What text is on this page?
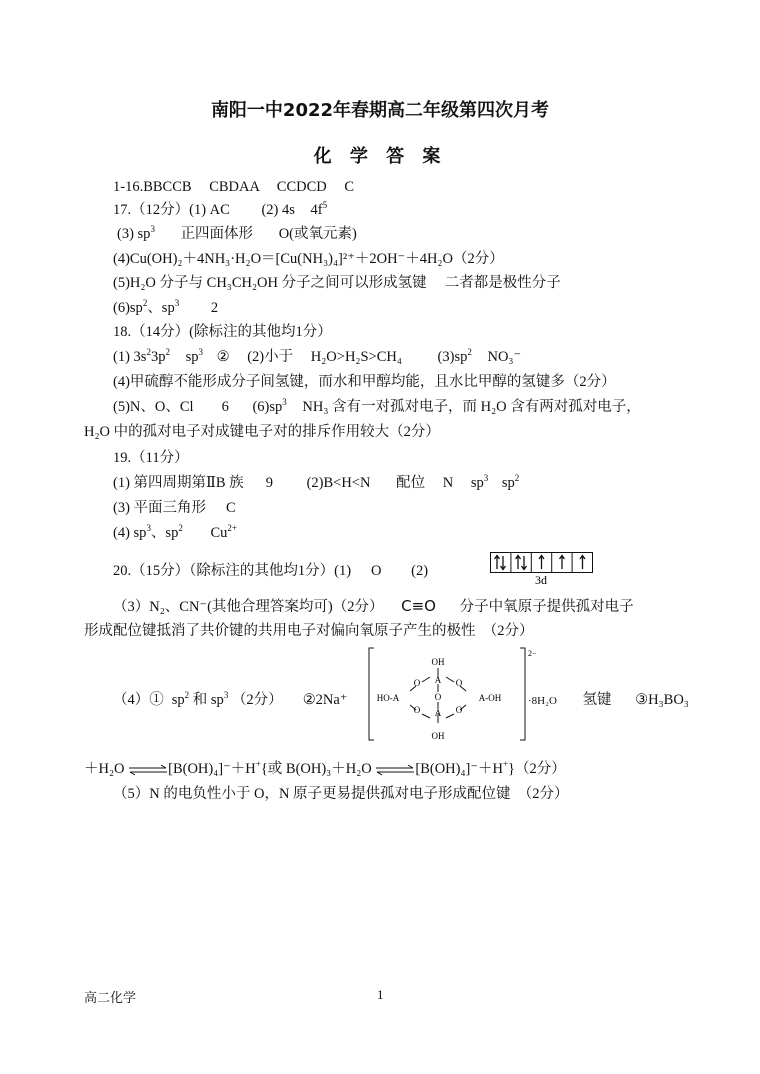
南阳一中2022年春期高二年级第四次月考
化 学 答 案
1-16.BBCCB CBDAA CCDCD C
17.（12分）(1) AC (2) 4s $4f^5$
(3) $sp^3$ 正四面体形 O(或氧元素)
(4)Cu(OH)₂＋4NH₃·H₂O＝[Cu(NH₃)₄]²⁺＋2OH⁻＋4H₂O（2分）
(5)H₂O 分子与 CH₃CH₂OH 分子之间可以形成氢键　 二者都是极性分子
$(6)sp^2$、$sp^3$ 2
18.（14分）(除标注的其他均1分）
(1) $3s^23p^2$ $sp^3$ ② (2)小于 H₂O>H₂S>CH₄ $(3)sp^2$ NO₃⁻
(4)甲硫醇不能形成分子间氢键，而水和甲醇均能，且水比甲醇的氢键多（2分）
(5)N、O、Cl 6 $(6)sp^3$ NH₃ 含有一对孤对电子，而 H₂O 含有两对孤对电子，
H₂O 中的孤对电子对成键电子对的排斥作用较大（2分）
19.（11分）
(1) 第四周期第ⅡB 族 9 (2)B<H<N 配位 N $sp^3$ $sp^2$
(3) 平面三角形 C
(4) $sp^3$、$sp^2$ $Cu^{2+}$
20.（15分）（除标注的其他均1分）(1) O (2)
3d
（3）N₂、CN⁻(其他合理答案均可)（2分） C≡O 分子中氧原子提供孤对电子
形成配位键抵消了共价键的共用电子对偏向氧原子产生的极性　（2分）
（4）① $sp^2$ 和 $sp^3$ （2分） ②2Na⁺
OH
A
O	O
O
HO-A	A-OH
O	O
A
OH
2−
·8H₂O 氢键 ③H₃BO₃
＋H₂O ⇌[B(OH)₄]⁻＋H+{或 B(OH)₃＋H₂O ⇌[B(OH)₄]⁻＋H+}（2分）
（5）N 的电负性小于 O，N 原子更易提供孤对电子形成配位键　（2分）
高二化学	1
